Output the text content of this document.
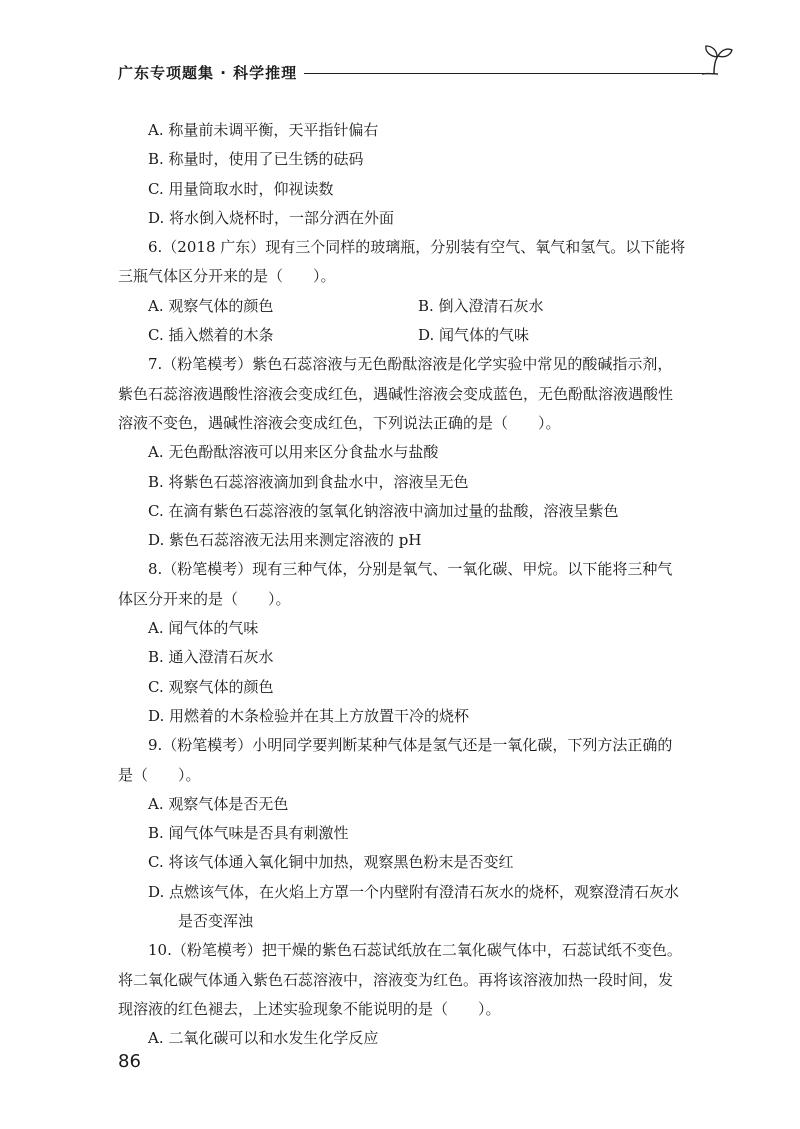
广东专项题集 · 科学推理

A. 称量前未调平衡，天平指针偏右

B. 称量时，使用了已生锈的砝码

C. 用量筒取水时，仰视读数

D. 将水倒入烧杯时，一部分洒在外面

6.（2018 广东）现有三个同样的玻璃瓶，分别装有空气、氧气和氢气。以下能将

三瓶气体区分开来的是（　　）。

A. 观察气体的颜色	B. 倒入澄清石灰水
C. 插入燃着的木条	D. 闻气体的气味

7.（粉笔模考）紫色石蕊溶液与无色酚酞溶液是化学实验中常见的酸碱指示剂，

紫色石蕊溶液遇酸性溶液会变成红色，遇碱性溶液会变成蓝色，无色酚酞溶液遇酸性

溶液不变色，遇碱性溶液会变成红色，下列说法正确的是（　　）。

A. 无色酚酞溶液可以用来区分食盐水与盐酸

B. 将紫色石蕊溶液滴加到食盐水中，溶液呈无色

C. 在滴有紫色石蕊溶液的氢氧化钠溶液中滴加过量的盐酸，溶液呈紫色

D. 紫色石蕊溶液无法用来测定溶液的 pH

8.（粉笔模考）现有三种气体，分别是氧气、一氧化碳、甲烷。以下能将三种气

体区分开来的是（　　）。

A. 闻气体的气味

B. 通入澄清石灰水

C. 观察气体的颜色

D. 用燃着的木条检验并在其上方放置干冷的烧杯

9.（粉笔模考）小明同学要判断某种气体是氢气还是一氧化碳，下列方法正确的

是（　　）。

A. 观察气体是否无色

B. 闻气体气味是否具有刺激性

C. 将该气体通入氧化铜中加热，观察黑色粉末是否变红

D. 点燃该气体，在火焰上方罩一个内壁附有澄清石灰水的烧杯，观察澄清石灰水

是否变浑浊

10.（粉笔模考）把干燥的紫色石蕊试纸放在二氧化碳气体中，石蕊试纸不变色。

将二氧化碳气体通入紫色石蕊溶液中，溶液变为红色。再将该溶液加热一段时间，发

现溶液的红色褪去，上述实验现象不能说明的是（　　）。

A. 二氧化碳可以和水发生化学反应

86
